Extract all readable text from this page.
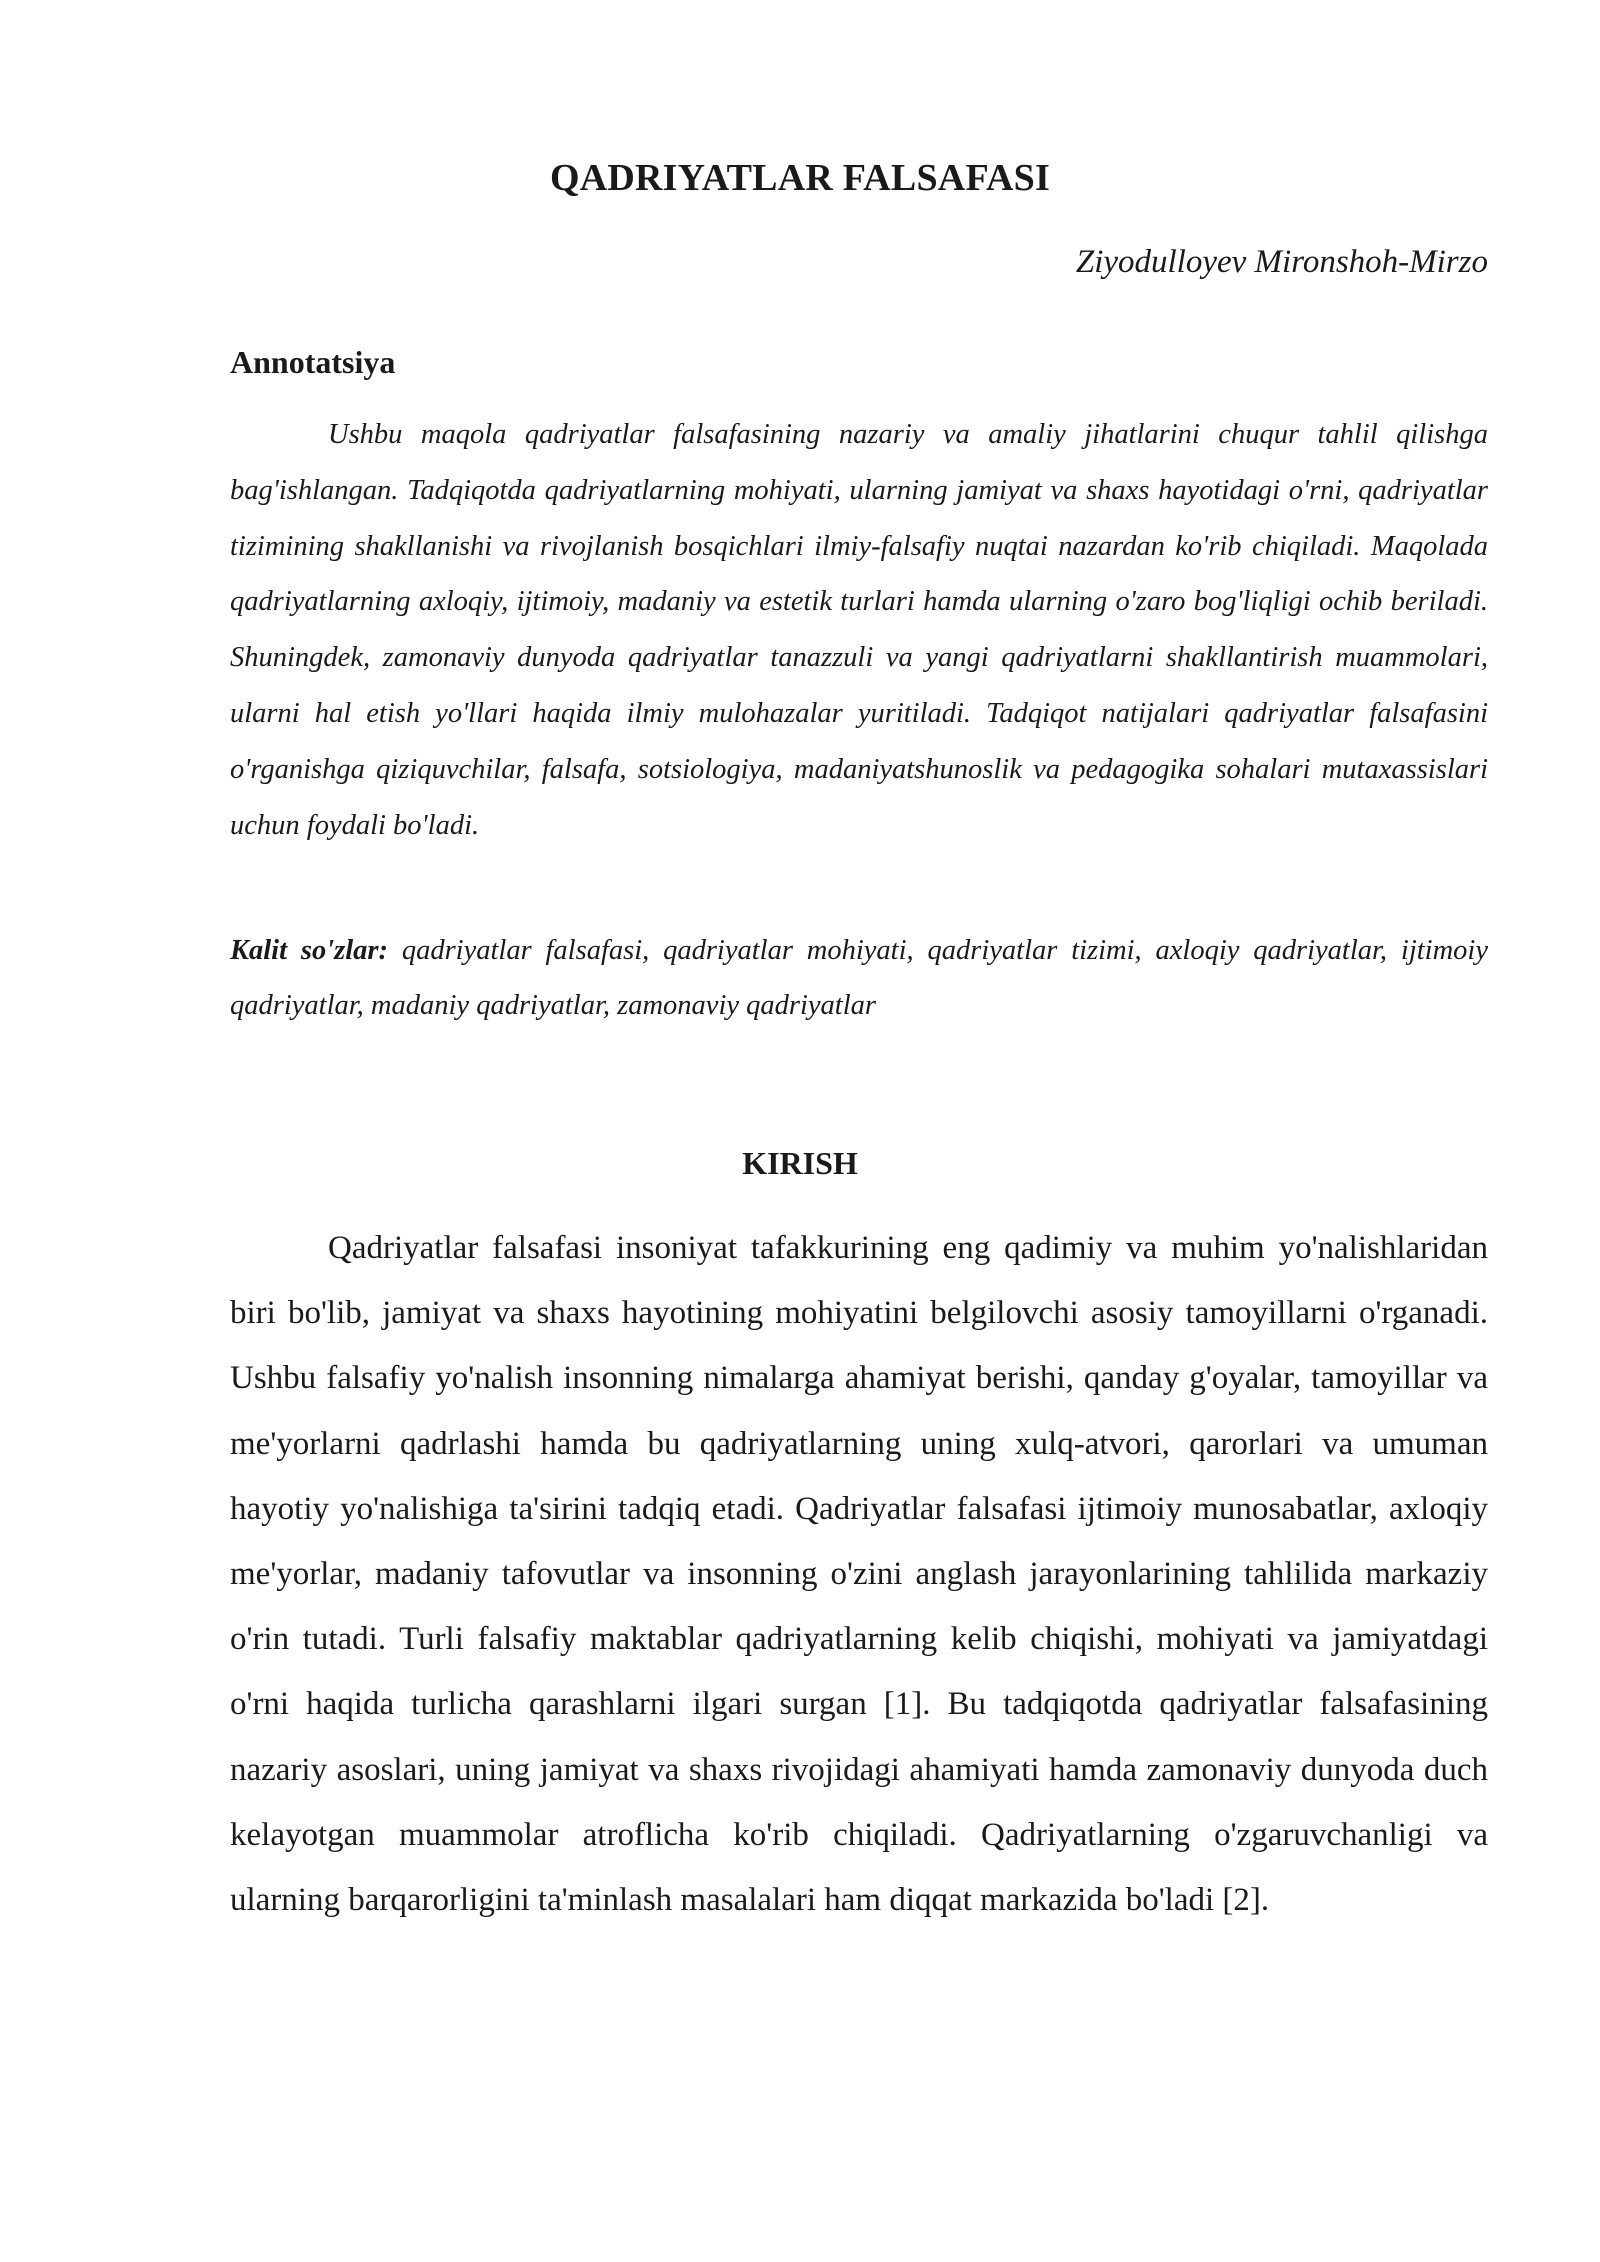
QADRIYATLAR FALSAFASI

Ziyodulloyev Mironshoh-Mirzo

Annotatsiya

Ushbu maqola qadriyatlar falsafasining nazariy va amaliy jihatlarini chuqur tahlil qilishga bag'ishlangan. Tadqiqotda qadriyatlarning mohiyati, ularning jamiyat va shaxs hayotidagi o'rni, qadriyatlar tizimining shakllanishi va rivojlanish bosqichlari ilmiy-falsafiy nuqtai nazardan ko'rib chiqiladi. Maqolada qadriyatlarning axloqiy, ijtimoiy, madaniy va estetik turlari hamda ularning o'zaro bog'liqligi ochib beriladi. Shuningdek, zamonaviy dunyoda qadriyatlar tanazzuli va yangi qadriyatlarni shakllantirish muammolari, ularni hal etish yo'llari haqida ilmiy mulohazalar yuritiladi. Tadqiqot natijalari qadriyatlar falsafasini o'rganishga qiziquvchilar, falsafa, sotsiologiya, madaniyatshunoslik va pedagogika sohalari mutaxassislari uchun foydali bo'ladi.

Kalit so'zlar: qadriyatlar falsafasi, qadriyatlar mohiyati, qadriyatlar tizimi, axloqiy qadriyatlar, ijtimoiy qadriyatlar, madaniy qadriyatlar, zamonaviy qadriyatlar

KIRISH

Qadriyatlar falsafasi insoniyat tafakkurining eng qadimiy va muhim yo'nalishlaridan biri bo'lib, jamiyat va shaxs hayotining mohiyatini belgilovchi asosiy tamoyillarni o'rganadi. Ushbu falsafiy yo'nalish insonning nimalarga ahamiyat berishi, qanday g'oyalar, tamoyillar va me'yorlarni qadrlashi hamda bu qadriyatlarning uning xulq-atvori, qarorlari va umuman hayotiy yo'nalishiga ta'sirini tadqiq etadi. Qadriyatlar falsafasi ijtimoiy munosabatlar, axloqiy me'yorlar, madaniy tafovutlar va insonning o'zini anglash jarayonlarining tahlilida markaziy o'rin tutadi. Turli falsafiy maktablar qadriyatlarning kelib chiqishi, mohiyati va jamiyatdagi o'rni haqida turlicha qarashlarni ilgari surgan [1]. Bu tadqiqotda qadriyatlar falsafasining nazariy asoslari, uning jamiyat va shaxs rivojidagi ahamiyati hamda zamonaviy dunyoda duch kelayotgan muammolar atroflicha ko'rib chiqiladi. Qadriyatlarning o'zgaruvchanligi va ularning barqarorligini ta'minlash masalalari ham diqqat markazida bo'ladi [2].
